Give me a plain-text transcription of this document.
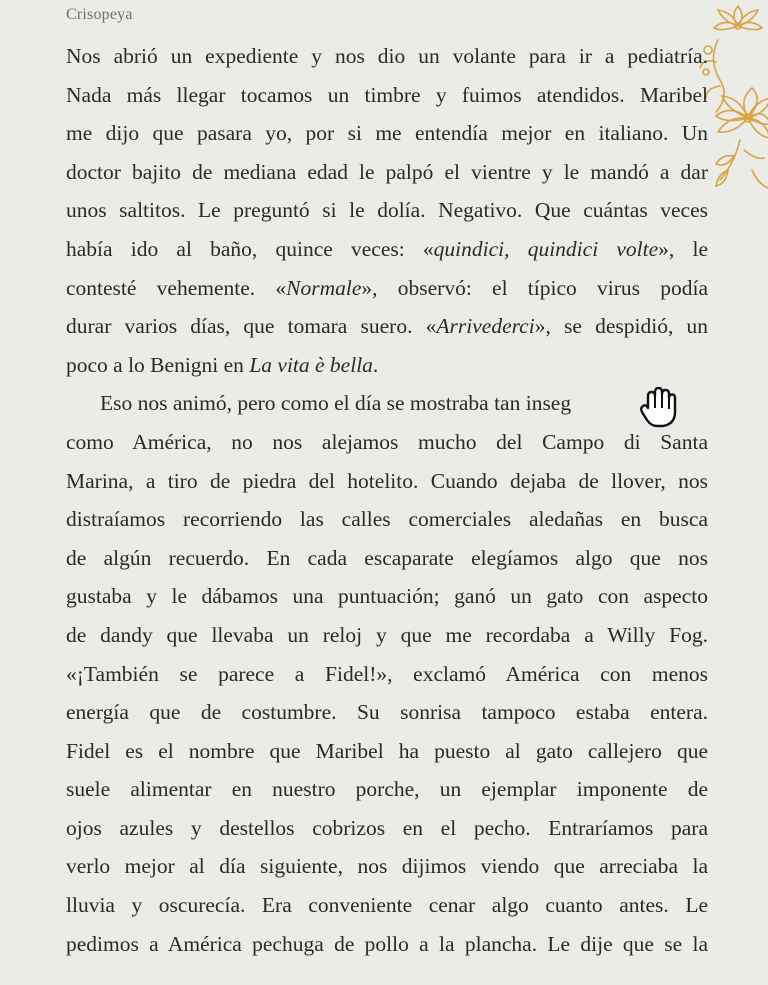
Crisopeya
Nos abrió un expediente y nos dio un volante para ir a pediatría.
Nada más llegar tocamos un timbre y fuimos atendidos. Maribel
me dijo que pasara yo, por si me entendía mejor en italiano. Un
doctor bajito de mediana edad le palpó el vientre y le mandó a dar
unos saltitos. Le preguntó si le dolía. Negativo. Que cuántas veces
había ido al baño, quince veces: «quindici, quindici volte», le
contesté vehemente. «Normale», observó: el típico virus podía
durar varios días, que tomara suero. «Arrivederci», se despidió, un
poco a lo Benigni en La vita è bella.
Eso nos animó, pero como el día se mostraba tan inseg
como América, no nos alejamos mucho del Campo di Santa
Marina, a tiro de piedra del hotelito. Cuando dejaba de llover, nos
distraíamos recorriendo las calles comerciales aledañas en busca
de algún recuerdo. En cada escaparate elegíamos algo que nos
gustaba y le dábamos una puntuación; ganó un gato con aspecto
de dandy que llevaba un reloj y que me recordaba a Willy Fog.
«¡También se parece a Fidel!», exclamó América con menos
energía que de costumbre. Su sonrisa tampoco estaba entera.
Fidel es el nombre que Maribel ha puesto al gato callejero que
suele alimentar en nuestro porche, un ejemplar imponente de
ojos azules y destellos cobrizos en el pecho. Entraríamos para
verlo mejor al día siguiente, nos dijimos viendo que arreciaba la
lluvia y oscurecía. Era conveniente cenar algo cuanto antes. Le
pedimos a América pechuga de pollo a la plancha. Le dije que se la
